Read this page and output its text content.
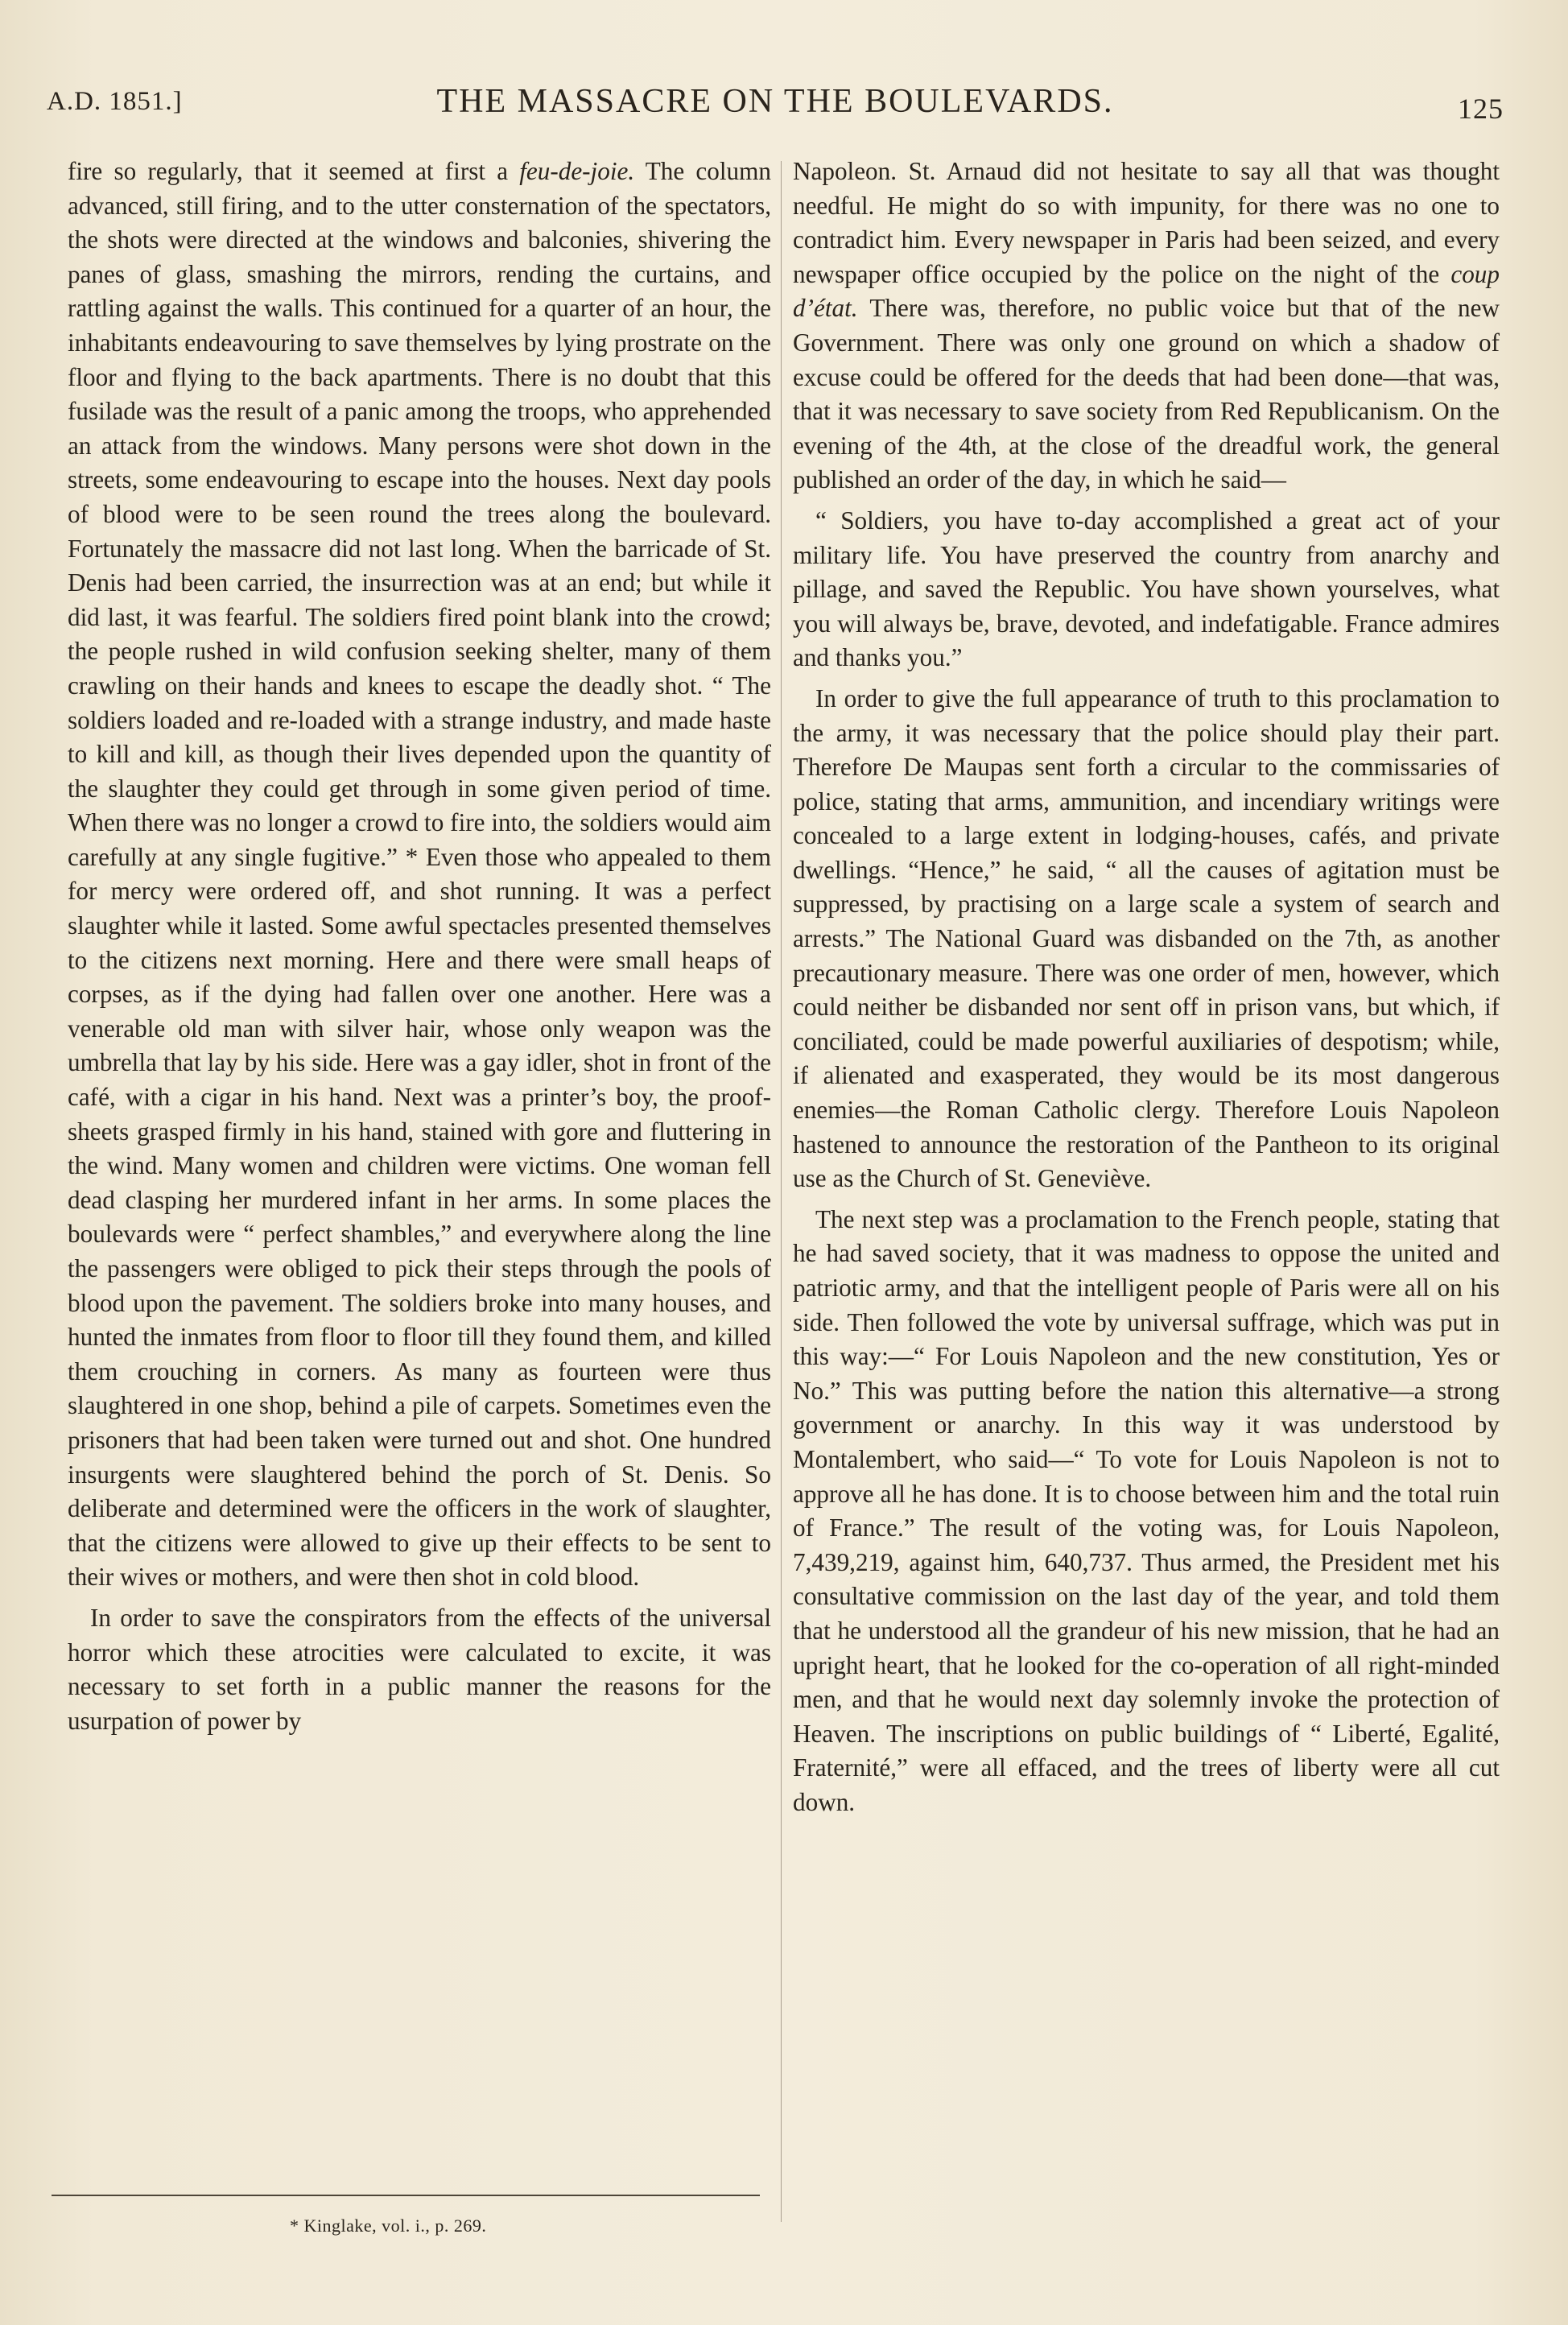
A.D. 1851.]	THE MASSACRE ON THE BOULEVARDS.	125

fire so regularly, that it seemed at first a feu-de-joie. The column advanced, still firing, and to the utter consternation of the spectators, the shots were directed at the windows and balconies, shivering the panes of glass, smashing the mirrors, rending the curtains, and rattling against the walls. This continued for a quarter of an hour, the inhabitants endeavouring to save themselves by lying prostrate on the floor and flying to the back apartments. There is no doubt that this fusilade was the result of a panic among the troops, who apprehended an attack from the windows. Many persons were shot down in the streets, some endeavouring to escape into the houses. Next day pools of blood were to be seen round the trees along the boulevard. Fortunately the massacre did not last long. When the barricade of St. Denis had been carried, the insurrection was at an end; but while it did last, it was fearful. The soldiers fired point blank into the crowd; the people rushed in wild confusion seeking shelter, many of them crawling on their hands and knees to escape the deadly shot. “ The soldiers loaded and re-loaded with a strange industry, and made haste to kill and kill, as though their lives depended upon the quantity of the slaughter they could get through in some given period of time. When there was no longer a crowd to fire into, the soldiers would aim carefully at any single fugitive.” * Even those who appealed to them for mercy were ordered off, and shot running. It was a perfect slaughter while it lasted. Some awful spectacles presented themselves to the citizens next morning. Here and there were small heaps of corpses, as if the dying had fallen over one another. Here was a venerable old man with silver hair, whose only weapon was the umbrella that lay by his side. Here was a gay idler, shot in front of the café, with a cigar in his hand. Next was a printer’s boy, the proof-sheets grasped firmly in his hand, stained with gore and fluttering in the wind. Many women and children were victims. One woman fell dead clasping her murdered infant in her arms. In some places the boulevards were “ perfect shambles,” and everywhere along the line the passengers were obliged to pick their steps through the pools of blood upon the pavement. The soldiers broke into many houses, and hunted the inmates from floor to floor till they found them, and killed them crouching in corners. As many as fourteen were thus slaughtered in one shop, behind a pile of carpets. Sometimes even the prisoners that had been taken were turned out and shot. One hundred insurgents were slaughtered behind the porch of St. Denis. So deliberate and determined were the officers in the work of slaughter, that the citizens were allowed to give up their effects to be sent to their wives or mothers, and were then shot in cold blood.

In order to save the conspirators from the effects of the universal horror which these atrocities were calculated to excite, it was necessary to set forth in a public manner the reasons for the usurpation of power by

Napoleon. St. Arnaud did not hesitate to say all that was thought needful. He might do so with impunity, for there was no one to contradict him. Every newspaper in Paris had been seized, and every newspaper office occupied by the police on the night of the coup d’état. There was, therefore, no public voice but that of the new Government. There was only one ground on which a shadow of excuse could be offered for the deeds that had been done—that was, that it was necessary to save society from Red Republicanism. On the evening of the 4th, at the close of the dreadful work, the general published an order of the day, in which he said—

“ Soldiers, you have to-day accomplished a great act of your military life. You have preserved the country from anarchy and pillage, and saved the Republic. You have shown yourselves, what you will always be, brave, devoted, and indefatigable. France admires and thanks you.”

In order to give the full appearance of truth to this proclamation to the army, it was necessary that the police should play their part. Therefore De Maupas sent forth a circular to the commissaries of police, stating that arms, ammunition, and incendiary writings were concealed to a large extent in lodging-houses, cafés, and private dwellings. “Hence,” he said, “ all the causes of agitation must be suppressed, by practising on a large scale a system of search and arrests.” The National Guard was disbanded on the 7th, as another precautionary measure. There was one order of men, however, which could neither be disbanded nor sent off in prison vans, but which, if conciliated, could be made powerful auxiliaries of despotism; while, if alienated and exasperated, they would be its most dangerous enemies—the Roman Catholic clergy. Therefore Louis Napoleon hastened to announce the restoration of the Pantheon to its original use as the Church of St. Geneviève.

The next step was a proclamation to the French people, stating that he had saved society, that it was madness to oppose the united and patriotic army, and that the intelligent people of Paris were all on his side. Then followed the vote by universal suffrage, which was put in this way:—“ For Louis Napoleon and the new constitution, Yes or No.” This was putting before the nation this alternative—a strong government or anarchy. In this way it was understood by Montalembert, who said—“ To vote for Louis Napoleon is not to approve all he has done. It is to choose between him and the total ruin of France.” The result of the voting was, for Louis Napoleon, 7,439,219, against him, 640,737. Thus armed, the President met his consultative commission on the last day of the year, and told them that he understood all the grandeur of his new mission, that he had an upright heart, that he looked for the co-operation of all right-minded men, and that he would next day solemnly invoke the protection of Heaven. The inscriptions on public buildings of “ Liberté, Egalité, Fraternité,” were all effaced, and the trees of liberty were all cut down.

* Kinglake, vol. i., p. 269.
